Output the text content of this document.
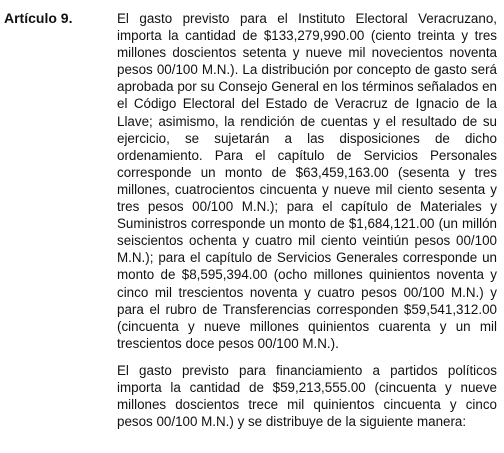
Artículo 9.	El gasto previsto para el Instituto Electoral Veracruzano, importa la cantidad de $133,279,990.00 (ciento treinta y tres millones doscientos setenta y nueve mil novecientos noventa pesos 00/100 M.N.). La distribución por concepto de gasto será aprobada por su Consejo General en los términos señalados en el Código Electoral del Estado de Veracruz de Ignacio de la Llave; asimismo, la rendición de cuentas y el resultado de su ejercicio, se sujetarán a las disposiciones de dicho ordenamiento. Para el capítulo de Servicios Personales corresponde un monto de $63,459,163.00 (sesenta y tres millones, cuatrocientos cincuenta y nueve mil ciento sesenta y tres pesos 00/100 M.N.); para el capítulo de Materiales y Suministros corresponde un monto de $1,684,121.00 (un millón seiscientos ochenta y cuatro mil ciento veintiún pesos 00/100 M.N.); para el capítulo de Servicios Generales corresponde un monto de $8,595,394.00 (ocho millones quinientos noventa y cinco mil trescientos noventa y cuatro pesos 00/100 M.N.) y para el rubro de Transferencias corresponden $59,541,312.00 (cincuenta y nueve millones quinientos cuarenta y un mil trescientos doce pesos 00/100 M.N.).

El gasto previsto para financiamiento a partidos políticos importa la cantidad de $59,213,555.00 (cincuenta y nueve millones doscientos trece mil quinientos cincuenta y cinco pesos 00/100 M.N.) y se distribuye de la siguiente manera:
